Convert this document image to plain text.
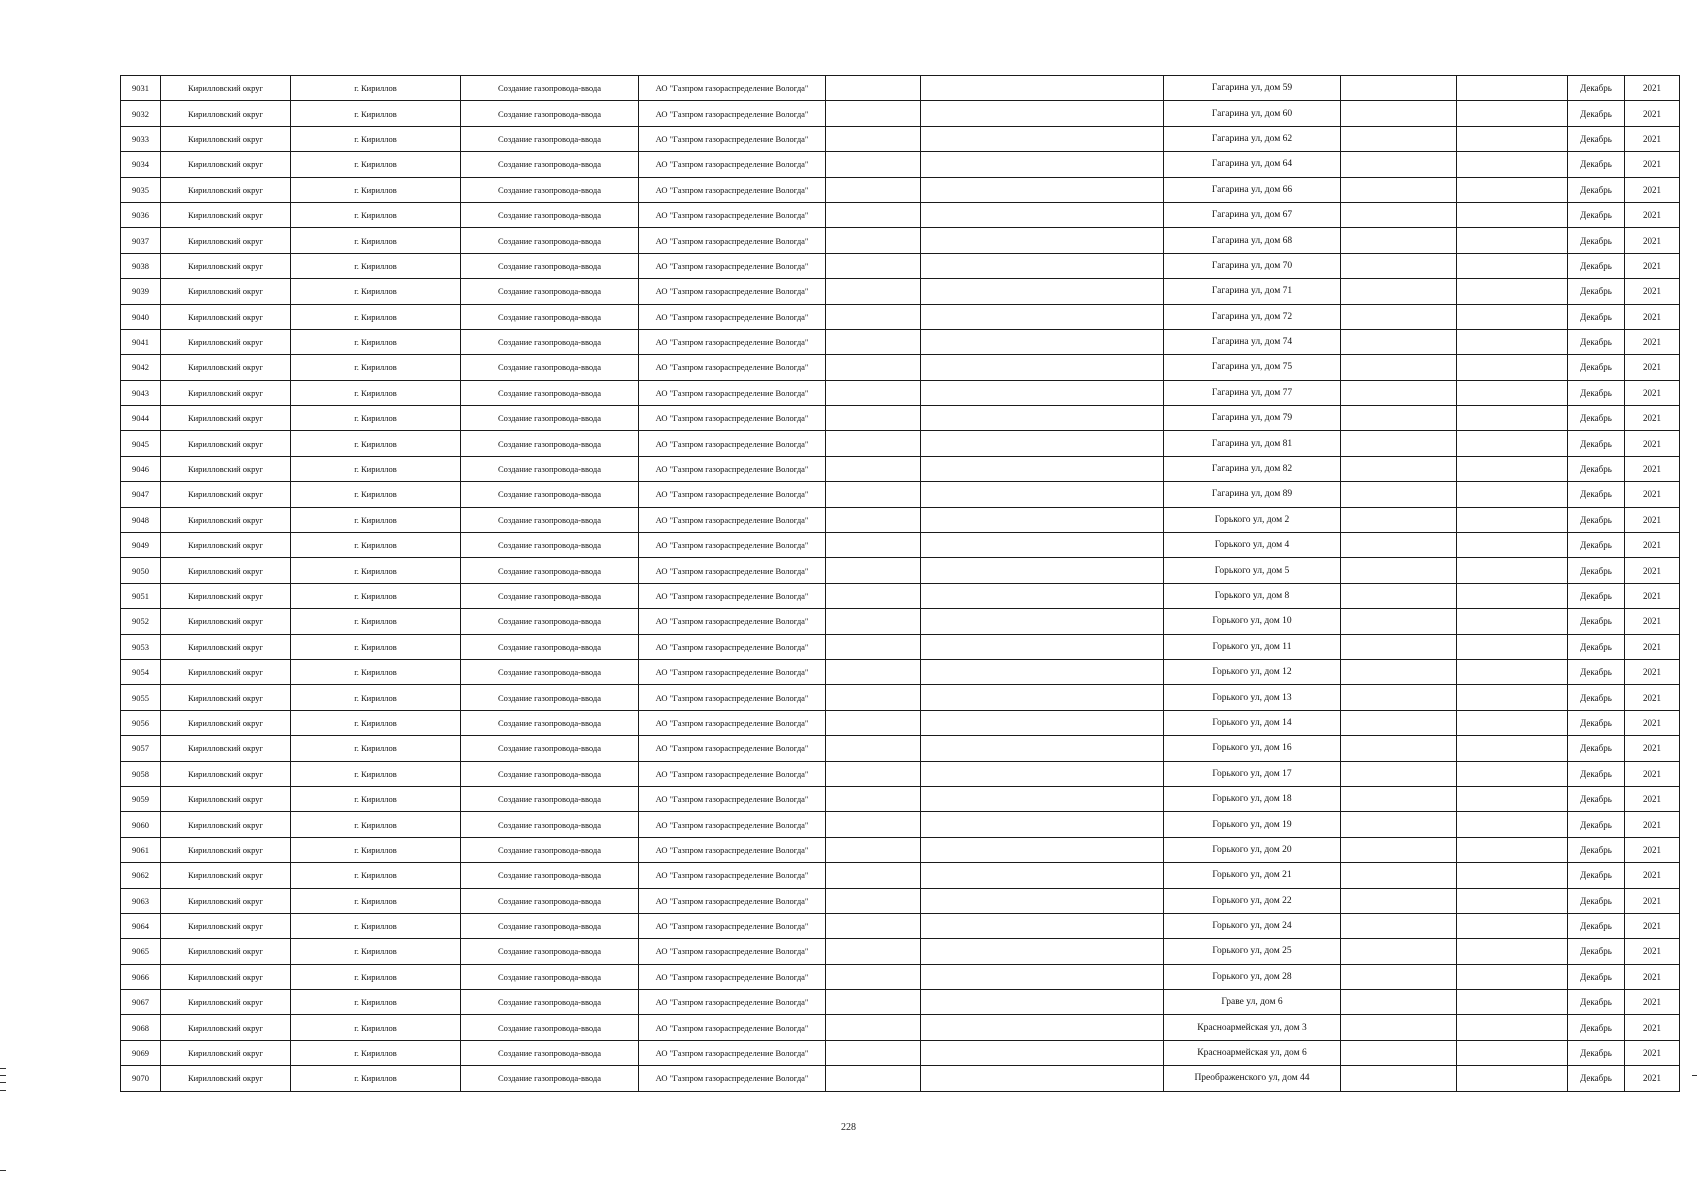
9031	Кирилловский округ	г. Кириллов	Создание газопровода-ввода	АО "Газпром газораспределение Вологда"			Гагарина ул, дом 59			Декабрь	2021
9032	Кирилловский округ	г. Кириллов	Создание газопровода-ввода	АО "Газпром газораспределение Вологда"			Гагарина ул, дом 60			Декабрь	2021
9033	Кирилловский округ	г. Кириллов	Создание газопровода-ввода	АО "Газпром газораспределение Вологда"			Гагарина ул, дом 62			Декабрь	2021
9034	Кирилловский округ	г. Кириллов	Создание газопровода-ввода	АО "Газпром газораспределение Вологда"			Гагарина ул, дом 64			Декабрь	2021
9035	Кирилловский округ	г. Кириллов	Создание газопровода-ввода	АО "Газпром газораспределение Вологда"			Гагарина ул, дом 66			Декабрь	2021
9036	Кирилловский округ	г. Кириллов	Создание газопровода-ввода	АО "Газпром газораспределение Вологда"			Гагарина ул, дом 67			Декабрь	2021
9037	Кирилловский округ	г. Кириллов	Создание газопровода-ввода	АО "Газпром газораспределение Вологда"			Гагарина ул, дом 68			Декабрь	2021
9038	Кирилловский округ	г. Кириллов	Создание газопровода-ввода	АО "Газпром газораспределение Вологда"			Гагарина ул, дом 70			Декабрь	2021
9039	Кирилловский округ	г. Кириллов	Создание газопровода-ввода	АО "Газпром газораспределение Вологда"			Гагарина ул, дом 71			Декабрь	2021
9040	Кирилловский округ	г. Кириллов	Создание газопровода-ввода	АО "Газпром газораспределение Вологда"			Гагарина ул, дом 72			Декабрь	2021
9041	Кирилловский округ	г. Кириллов	Создание газопровода-ввода	АО "Газпром газораспределение Вологда"			Гагарина ул, дом 74			Декабрь	2021
9042	Кирилловский округ	г. Кириллов	Создание газопровода-ввода	АО "Газпром газораспределение Вологда"			Гагарина ул, дом 75			Декабрь	2021
9043	Кирилловский округ	г. Кириллов	Создание газопровода-ввода	АО "Газпром газораспределение Вологда"			Гагарина ул, дом 77			Декабрь	2021
9044	Кирилловский округ	г. Кириллов	Создание газопровода-ввода	АО "Газпром газораспределение Вологда"			Гагарина ул, дом 79			Декабрь	2021
9045	Кирилловский округ	г. Кириллов	Создание газопровода-ввода	АО "Газпром газораспределение Вологда"			Гагарина ул, дом 81			Декабрь	2021
9046	Кирилловский округ	г. Кириллов	Создание газопровода-ввода	АО "Газпром газораспределение Вологда"			Гагарина ул, дом 82			Декабрь	2021
9047	Кирилловский округ	г. Кириллов	Создание газопровода-ввода	АО "Газпром газораспределение Вологда"			Гагарина ул, дом 89			Декабрь	2021
9048	Кирилловский округ	г. Кириллов	Создание газопровода-ввода	АО "Газпром газораспределение Вологда"			Горького ул, дом 2			Декабрь	2021
9049	Кирилловский округ	г. Кириллов	Создание газопровода-ввода	АО "Газпром газораспределение Вологда"			Горького ул, дом 4			Декабрь	2021
9050	Кирилловский округ	г. Кириллов	Создание газопровода-ввода	АО "Газпром газораспределение Вологда"			Горького ул, дом 5			Декабрь	2021
9051	Кирилловский округ	г. Кириллов	Создание газопровода-ввода	АО "Газпром газораспределение Вологда"			Горького ул, дом 8			Декабрь	2021
9052	Кирилловский округ	г. Кириллов	Создание газопровода-ввода	АО "Газпром газораспределение Вологда"			Горького ул, дом 10			Декабрь	2021
9053	Кирилловский округ	г. Кириллов	Создание газопровода-ввода	АО "Газпром газораспределение Вологда"			Горького ул, дом 11			Декабрь	2021
9054	Кирилловский округ	г. Кириллов	Создание газопровода-ввода	АО "Газпром газораспределение Вологда"			Горького ул, дом 12			Декабрь	2021
9055	Кирилловский округ	г. Кириллов	Создание газопровода-ввода	АО "Газпром газораспределение Вологда"			Горького ул, дом 13			Декабрь	2021
9056	Кирилловский округ	г. Кириллов	Создание газопровода-ввода	АО "Газпром газораспределение Вологда"			Горького ул, дом 14			Декабрь	2021
9057	Кирилловский округ	г. Кириллов	Создание газопровода-ввода	АО "Газпром газораспределение Вологда"			Горького ул, дом 16			Декабрь	2021
9058	Кирилловский округ	г. Кириллов	Создание газопровода-ввода	АО "Газпром газораспределение Вологда"			Горького ул, дом 17			Декабрь	2021
9059	Кирилловский округ	г. Кириллов	Создание газопровода-ввода	АО "Газпром газораспределение Вологда"			Горького ул, дом 18			Декабрь	2021
9060	Кирилловский округ	г. Кириллов	Создание газопровода-ввода	АО "Газпром газораспределение Вологда"			Горького ул, дом 19			Декабрь	2021
9061	Кирилловский округ	г. Кириллов	Создание газопровода-ввода	АО "Газпром газораспределение Вологда"			Горького ул, дом 20			Декабрь	2021
9062	Кирилловский округ	г. Кириллов	Создание газопровода-ввода	АО "Газпром газораспределение Вологда"			Горького ул, дом 21			Декабрь	2021
9063	Кирилловский округ	г. Кириллов	Создание газопровода-ввода	АО "Газпром газораспределение Вологда"			Горького ул, дом 22			Декабрь	2021
9064	Кирилловский округ	г. Кириллов	Создание газопровода-ввода	АО "Газпром газораспределение Вологда"			Горького ул, дом 24			Декабрь	2021
9065	Кирилловский округ	г. Кириллов	Создание газопровода-ввода	АО "Газпром газораспределение Вологда"			Горького ул, дом 25			Декабрь	2021
9066	Кирилловский округ	г. Кириллов	Создание газопровода-ввода	АО "Газпром газораспределение Вологда"			Горького ул, дом 28			Декабрь	2021
9067	Кирилловский округ	г. Кириллов	Создание газопровода-ввода	АО "Газпром газораспределение Вологда"			Граве ул, дом 6			Декабрь	2021
9068	Кирилловский округ	г. Кириллов	Создание газопровода-ввода	АО "Газпром газораспределение Вологда"			Красноармейская ул, дом 3			Декабрь	2021
9069	Кирилловский округ	г. Кириллов	Создание газопровода-ввода	АО "Газпром газораспределение Вологда"			Красноармейская ул, дом 6			Декабрь	2021
9070	Кирилловский округ	г. Кириллов	Создание газопровода-ввода	АО "Газпром газораспределение Вологда"			Преображенского ул, дом 44			Декабрь	2021
228
